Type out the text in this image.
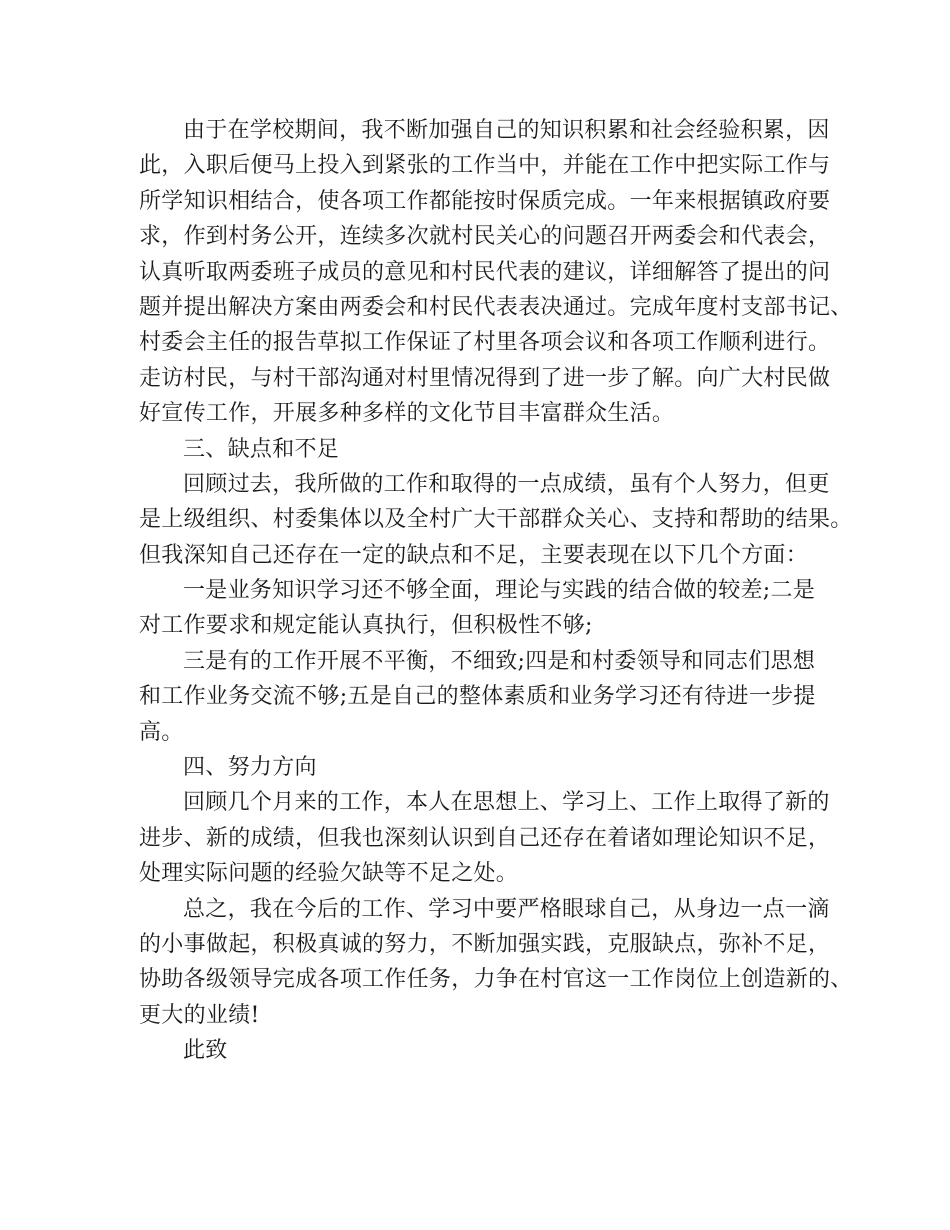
由于在学校期间，我不断加强自己的知识积累和社会经验积累，因
此，入职后便马上投入到紧张的工作当中，并能在工作中把实际工作与
所学知识相结合，使各项工作都能按时保质完成。一年来根据镇政府要
求，作到村务公开，连续多次就村民关心的问题召开两委会和代表会，
认真听取两委班子成员的意见和村民代表的建议，详细解答了提出的问
题并提出解决方案由两委会和村民代表表决通过。完成年度村支部书记、
村委会主任的报告草拟工作保证了村里各项会议和各项工作顺利进行。
走访村民，与村干部沟通对村里情况得到了进一步了解。向广大村民做
好宣传工作，开展多种多样的文化节目丰富群众生活。
三、缺点和不足
回顾过去，我所做的工作和取得的一点成绩，虽有个人努力，但更
是上级组织、村委集体以及全村广大干部群众关心、支持和帮助的结果。
但我深知自己还存在一定的缺点和不足，主要表现在以下几个方面：
一是业务知识学习还不够全面，理论与实践的结合做的较差;二是
对工作要求和规定能认真执行，但积极性不够;
三是有的工作开展不平衡，不细致;四是和村委领导和同志们思想
和工作业务交流不够;五是自己的整体素质和业务学习还有待进一步提
高。
四、努力方向
回顾几个月来的工作，本人在思想上、学习上、工作上取得了新的
进步、新的成绩，但我也深刻认识到自己还存在着诸如理论知识不足，
处理实际问题的经验欠缺等不足之处。
总之，我在今后的工作、学习中要严格眼球自己，从身边一点一滴
的小事做起，积极真诚的努力，不断加强实践，克服缺点，弥补不足，
协助各级领导完成各项工作任务，力争在村官这一工作岗位上创造新的、
更大的业绩!
此致
